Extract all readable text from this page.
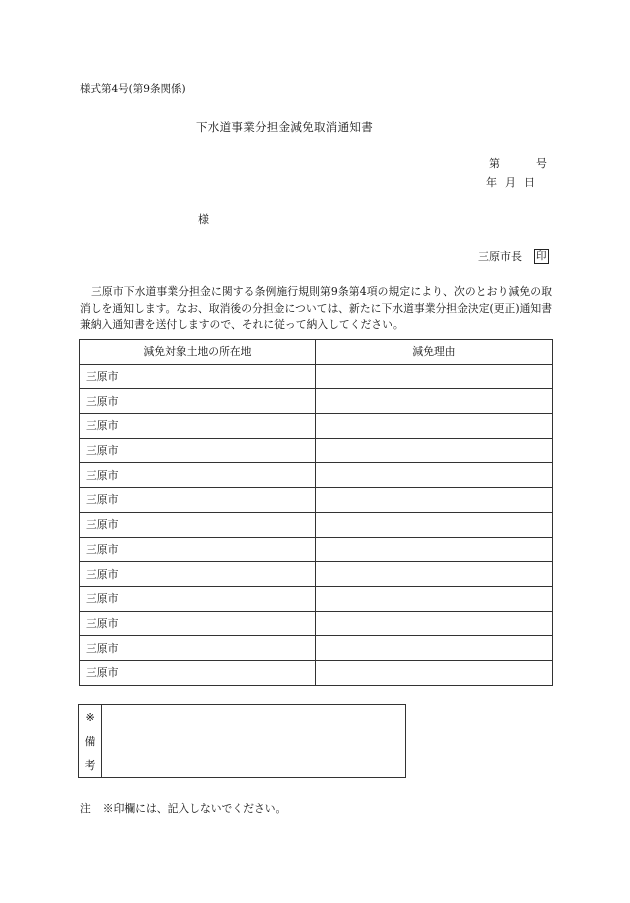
様式第4号(第9条関係)
下水道事業分担金減免取消通知書
第	号
年 月 日
様
三原市長 印
三原市下水道事業分担金に関する条例施行規則第9条第4項の規定により、次のとおり減免の取消しを通知します。なお、取消後の分担金については、新たに下水道事業分担金決定(更正)通知書兼納入通知書を送付しますので、それに従って納入してください。
減免対象土地の所在地	減免理由
三原市	
三原市	
三原市	
三原市	
三原市	
三原市	
三原市	
三原市	
三原市	
三原市	
三原市	
三原市	
三原市	
※
備
考
注 ※印欄には、記入しないでください。
